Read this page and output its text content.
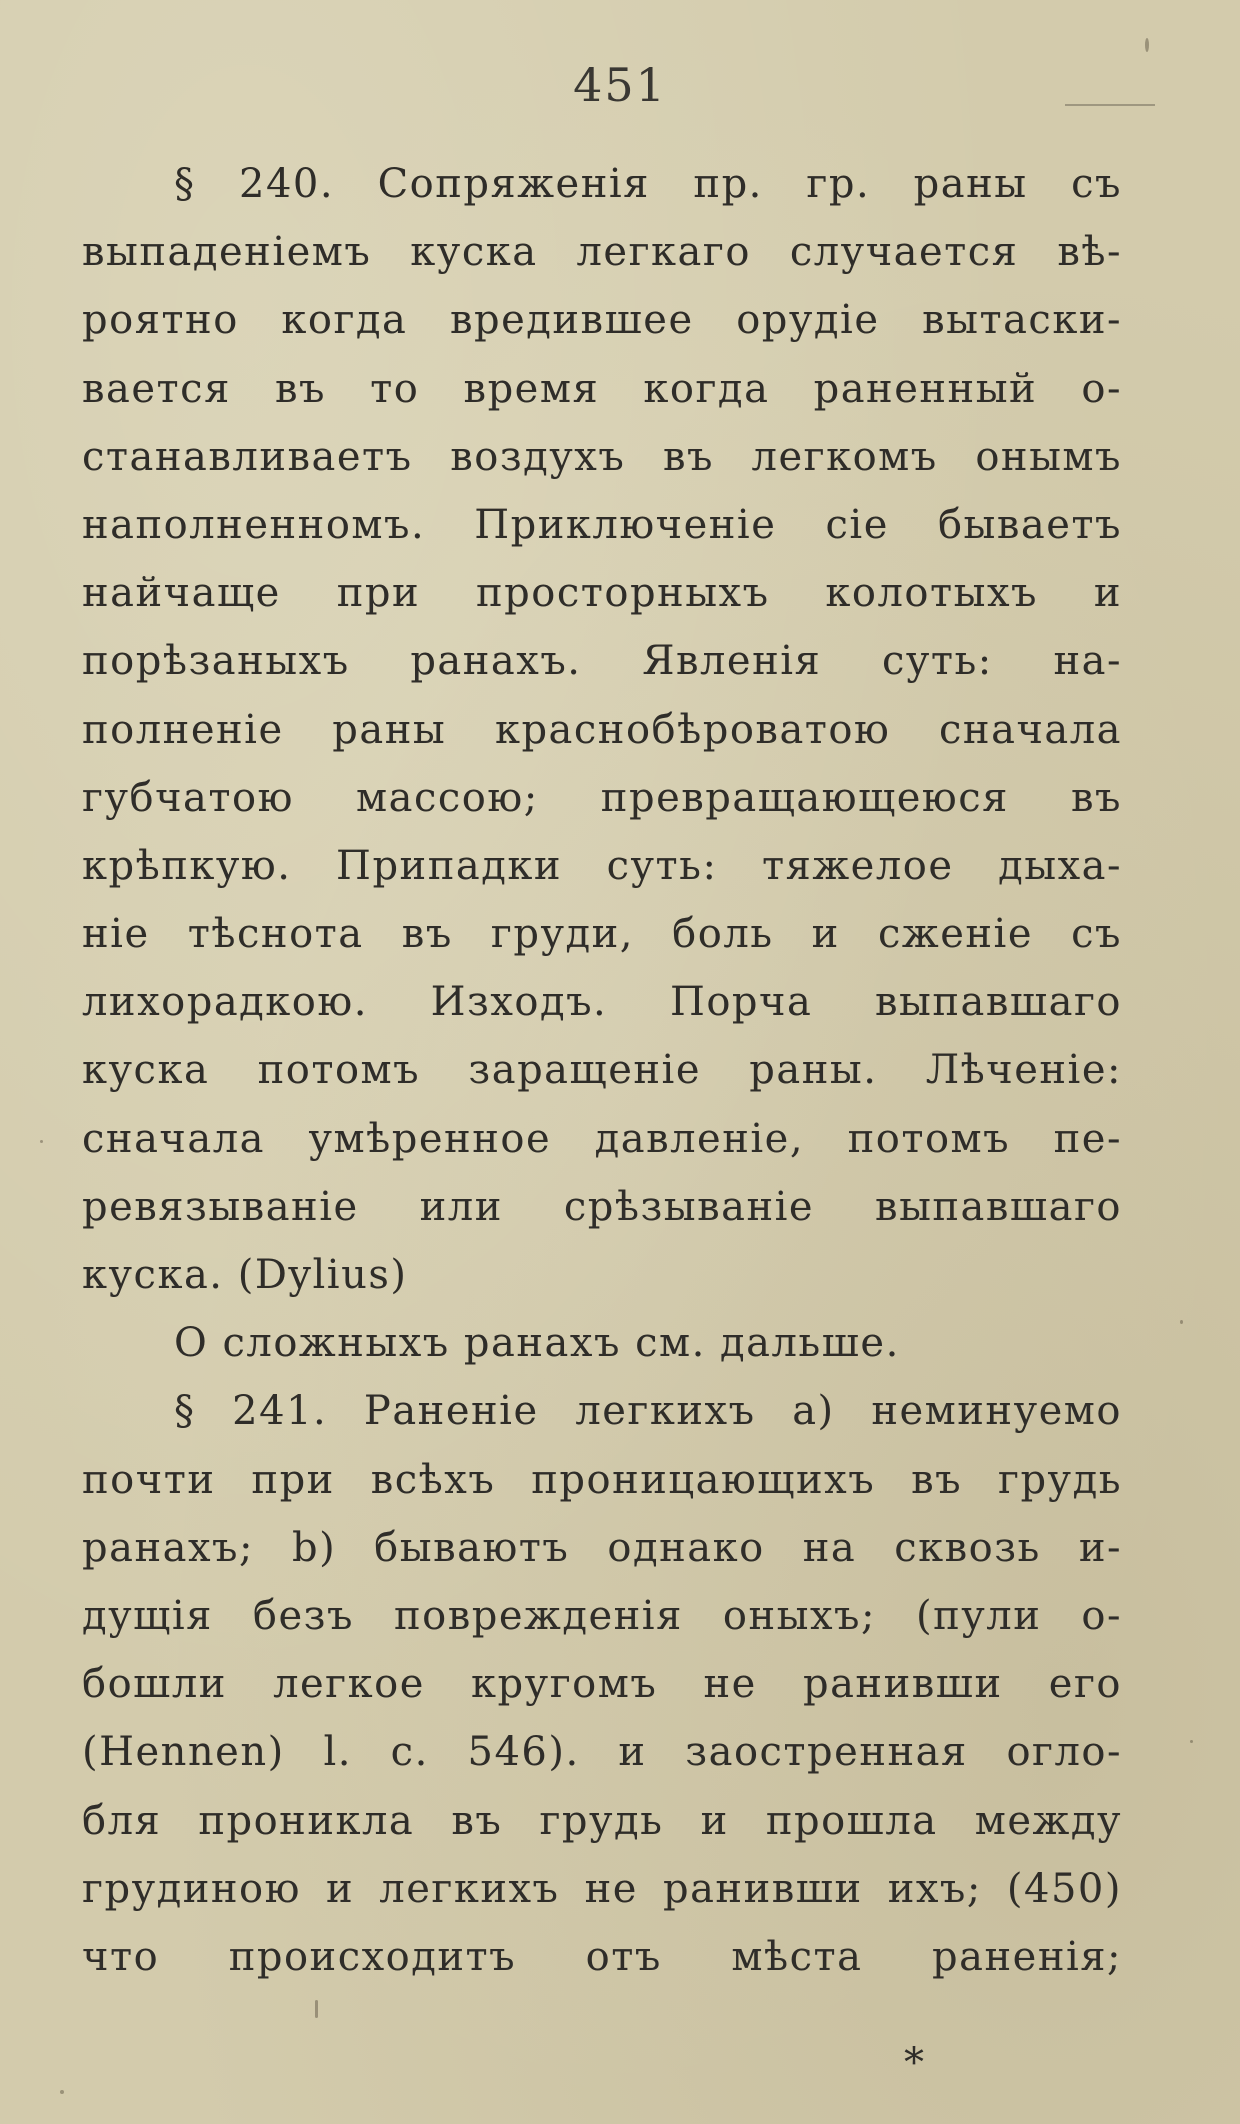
451
§ 240. Сопряженія пр. гр. раны съ
выпаденіемъ куска легкаго случается вѣ-
роятно когда вредившее орудіе вытаски-
вается въ то время когда раненный о-
станавливаетъ воздухъ въ легкомъ онымъ
наполненномъ. Приключеніе сіе бываетъ
найчаще при просторныхъ колотыхъ и
порѣзаныхъ ранахъ. Явленія суть: на-
полненіе раны краснобѣроватою сначала
губчатою массою; превращающеюся въ
крѣпкую. Припадки суть: тяжелое дыха-
ніе тѣснота въ груди, боль и сженіе съ
лихорадкою. Изходъ. Порча выпавшаго
куска потомъ заращеніе раны. Лѣченіе:
сначала умѣренное давленіе, потомъ пе-
ревязываніе или срѣзываніе выпавшаго
куска. (Dylius)
О сложныхъ ранахъ см. дальше.
§ 241. Раненіе легкихъ а) неминуемо
почти при всѣхъ проницающихъ въ грудь
ранахъ; b) бываютъ однако на сквозь и-
дущія безъ поврежденія оныхъ; (пули о-
бошли легкое кругомъ не ранивши его
(Hennen) l. c. 546). и заостренная огло-
бля проникла въ грудь и прошла между
грудиною и легкихъ не ранивши ихъ; (450)
что происходитъ отъ мѣста раненія;
*
